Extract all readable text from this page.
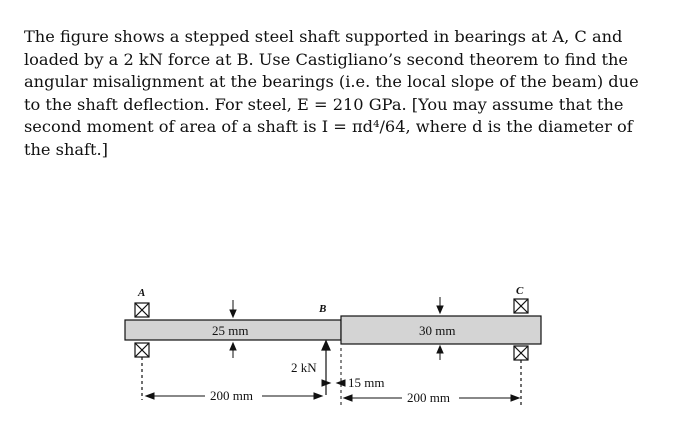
The figure shows a stepped steel shaft supported in bearings at A, C and
loaded by a 2 kN force at B. Use Castigliano’s second theorem to find the
angular misalignment at the bearings (i.e. the local slope of the beam) due
to the shaft deflection. For steel, E = 210 GPa. [You may assume that the
second moment of area of a shaft is I = πd⁴/64, where d is the diameter of
the shaft.]
A
B
C
25 mm	30 mm
2 kN
200 mm
15 mm
200 mm
